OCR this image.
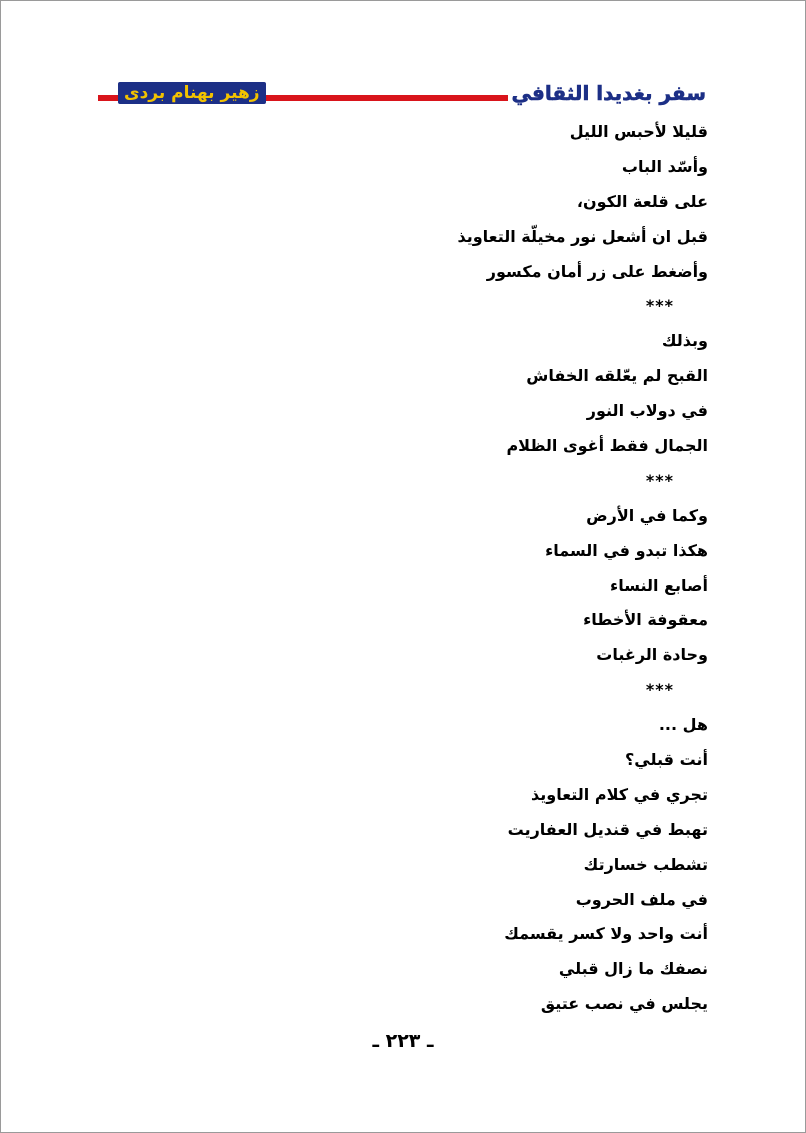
سفر بغديدا الثقافي
زهير بهنام بردى
قليلا لأحبس الليل
وأسّد الباب
على قلعة الكون،
قبل ان أشعل نور مخيلّة التعاويذ
وأضغط على زر أمان مكسور
***
وبذلك
القبح لم يعّلقه الخفاش
في دولاب النور
الجمال فقط أغوى الظلام
***
وكما في الأرض
هكذا تبدو في السماء
أصابع النساء
معقوفة الأخطاء
وحادة الرغبات
***
هل ...
أنت قبلي؟
تجري في كلام التعاويذ
تهبط في قنديل العفاريت
تشطب خسارتك
في ملف الحروب
أنت واحد ولا كسر يقسمك
نصفك ما زال قبلي
يجلس في نصب عتيق
ـ ٢٢٣ ـ
